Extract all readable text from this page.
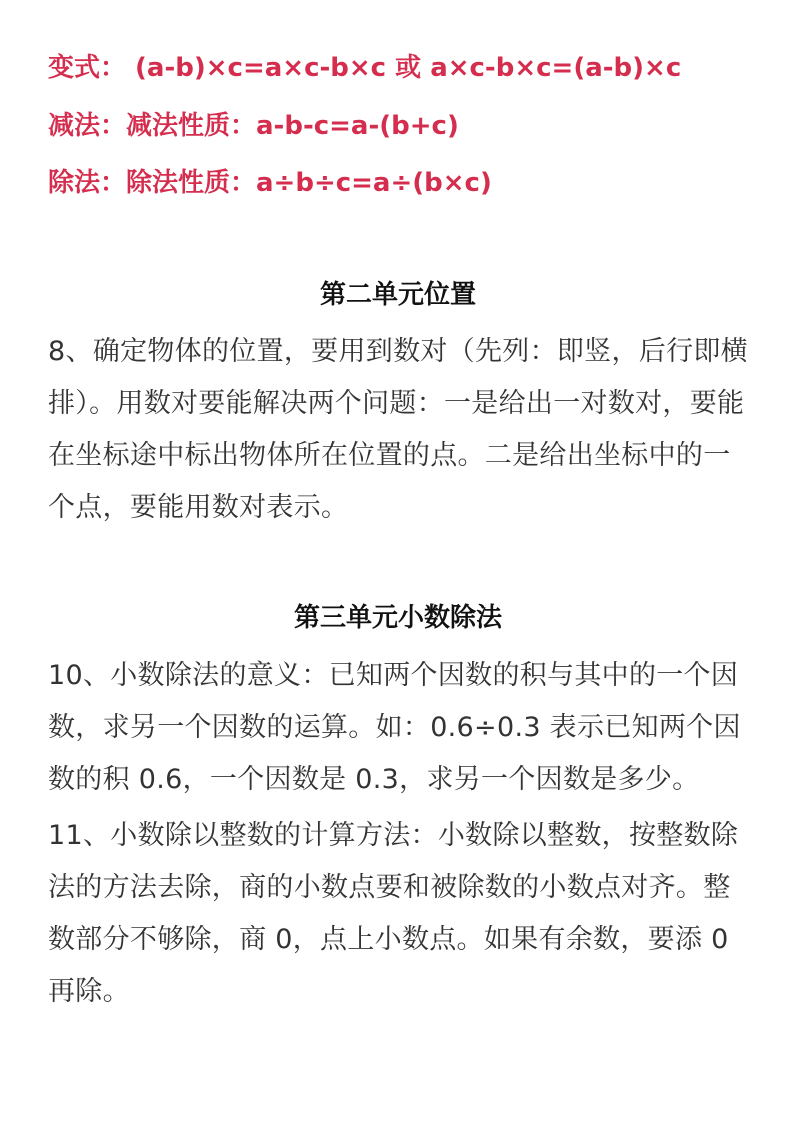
变式： (a-b)×c=a×c-b×c 或 a×c-b×c=(a-b)×c
减法：减法性质：a-b-c=a-(b+c)
除法：除法性质：a÷b÷c=a÷(b×c)
第二单元位置

8、确定物体的位置，要用到数对（先列：即竖，后行即横排）。用数对要能解决两个问题：一是给出一对数对，要能在坐标途中标出物体所在位置的点。二是给出坐标中的一个点，要能用数对表示。

第三单元小数除法

10、小数除法的意义：已知两个因数的积与其中的一个因数，求另一个因数的运算。如：0.6÷0.3 表示已知两个因数的积 0.6，一个因数是 0.3，求另一个因数是多少。

11、小数除以整数的计算方法：小数除以整数，按整数除法的方法去除，商的小数点要和被除数的小数点对齐。整数部分不够除，商 0，点上小数点。如果有余数，要添 0 再除。
